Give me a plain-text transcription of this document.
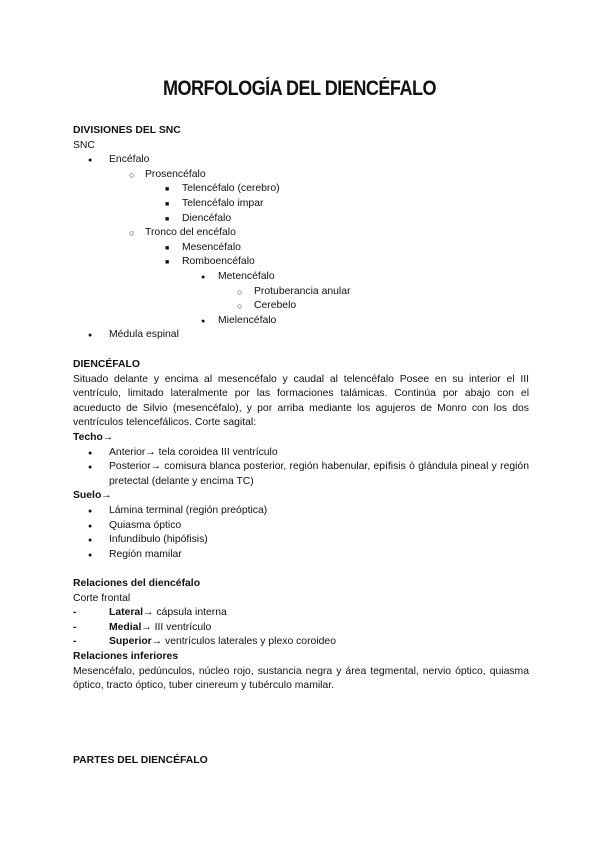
MORFOLOGÍA DEL DIENCÉFALO
DIVISIONES DEL SNC
SNC
●
Encéfalo
○
Prosencéfalo
■
Telencéfalo (cerebro)
■
Telencéfalo impar
■
Diencéfalo
○
Tronco del encéfalo
■
Mesencéfalo
■
Romboencéfalo
●
Metencéfalo
○
Protuberancia anular
○
Cerebelo
●
Mielencéfalo
●
Médula espinal
DIENCÉFALO
Situado delante y encima al mesencéfalo y caudal al telencéfalo Posee en su interior el III ventrículo, limitado lateralmente por las formaciones talámicas. Continúa por abajo con el acueducto de Silvio (mesencéfalo), y por arriba mediante los agujeros de Monro con los dos ventrículos telencefálicos. Corte sagital:
Techo→
●
Anterior→ tela coroidea III ventrículo
●
Posterior→ comisura blanca posterior, región habenular, epífisis ò glándula pineal y región pretectal (delante y encima TC)
Suelo→
●
Lámina terminal (región preóptica)
●
Quiasma óptico
●
Infundíbulo (hipófisis)
●
Región mamilar
Relaciones del diencéfalo
Corte frontal
-	Lateral→ cápsula interna
-	Medial→ III ventrículo
-	Superior→ ventrículos laterales y plexo coroideo
Relaciones inferiores
Mesencéfalo, pedúnculos, núcleo rojo, sustancia negra y área tegmental, nervio óptico, quiasma óptico, tracto óptico, tuber cinereum y tubérculo mamilar.
PARTES DEL DIENCÉFALO
